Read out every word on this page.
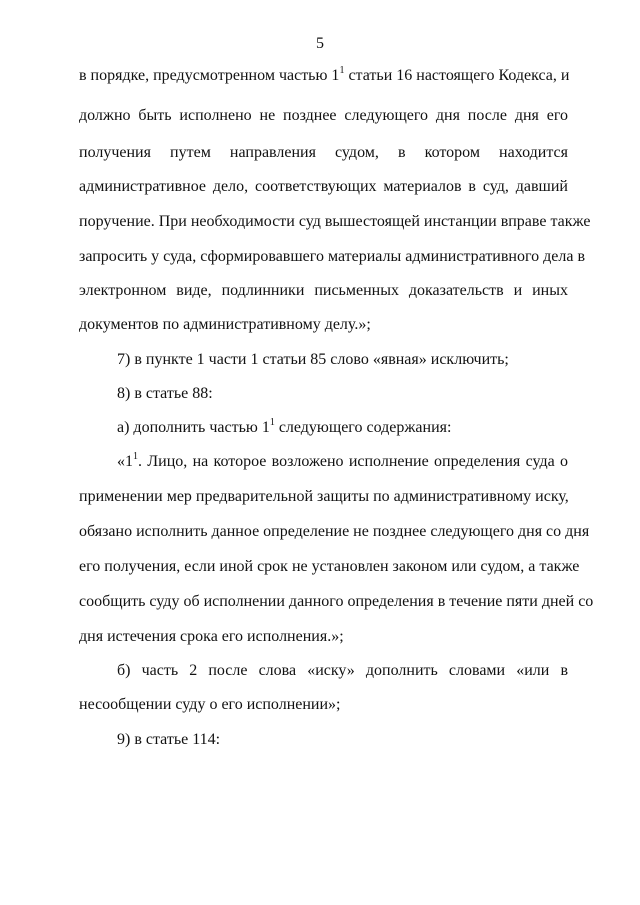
5
в порядке, предусмотренном частью $1^1$ статьи 16 настоящего Кодекса, и
должно быть исполнено не позднее следующего дня после дня его
получения путем направления судом, в котором находится
административное дело, соответствующих материалов в суд, давший
поручение. При необходимости суд вышестоящей инстанции вправе также
запросить у суда, сформировавшего материалы административного дела в
электронном виде, подлинники письменных доказательств и иных
документов по административному делу.»;
7) в пункте 1 части 1 статьи 85 слово «явная» исключить;
8) в статье 88:
а) дополнить частью $1^1$ следующего содержания:
«$1^1$. Лицо, на которое возложено исполнение определения суда о
применении мер предварительной защиты по административному иску,
обязано исполнить данное определение не позднее следующего дня со дня
его получения, если иной срок не установлен законом или судом, а также
сообщить суду об исполнении данного определения в течение пяти дней со
дня истечения срока его исполнения.»;
б) часть 2 после слова «иску» дополнить словами «или в
несообщении суду о его исполнении»;
9) в статье 114:
